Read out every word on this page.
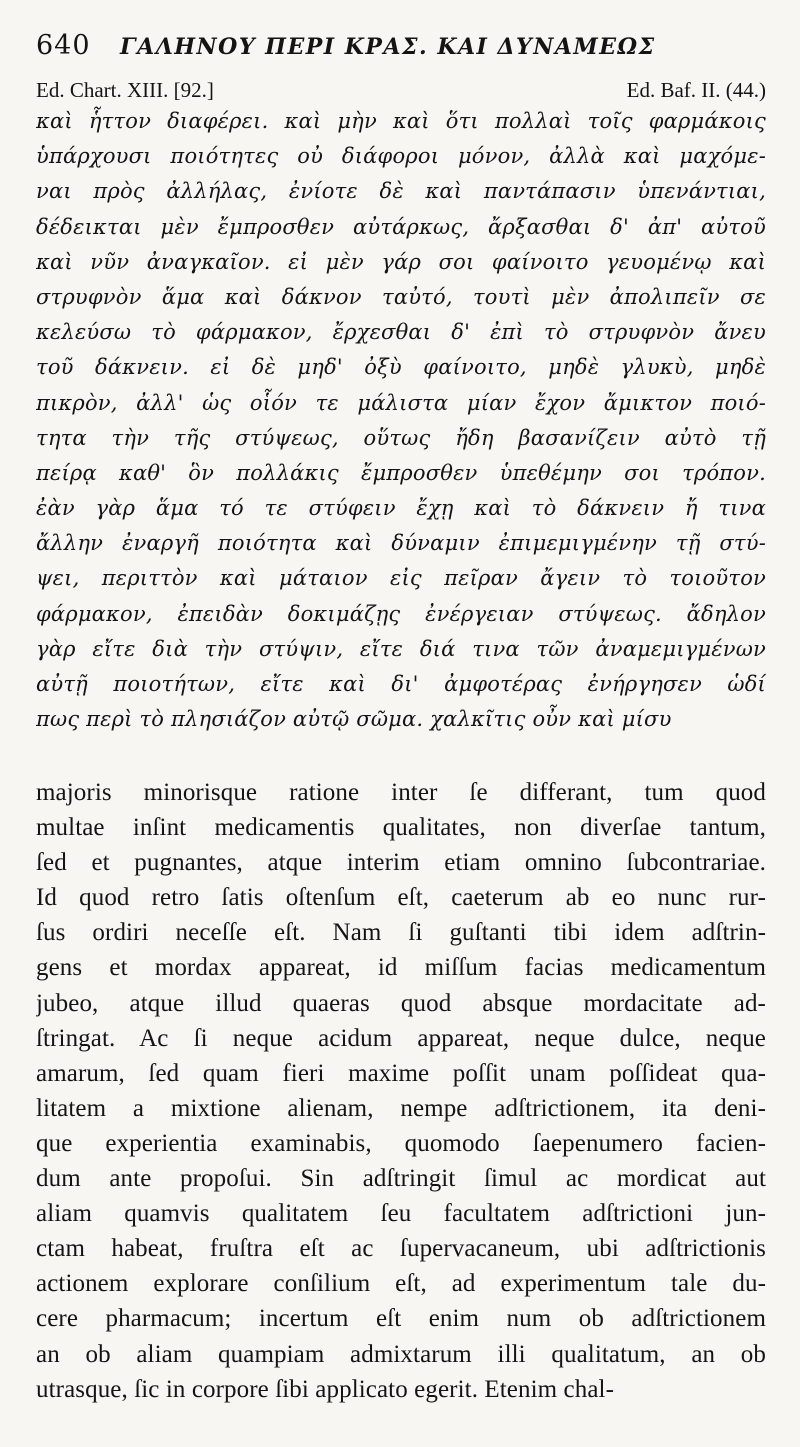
640 ΓΑΛΗΝΟΥ ΠΕΡΙ ΚΡΑΣ. ΚΑΙ ΔΥΝΑΜΕΩΣ
Ed. Chart. XIII. [92.]	Ed. Baf. II. (44.)
καὶ ἧττον διαφέρει. καὶ μὴν καὶ ὅτι πολλαὶ τοῖς φαρμάκοις
ὑπάρχουσι ποιότητες οὐ διάφοροι μόνον, ἀλλὰ καὶ μαχόμε-
ναι πρὸς ἀλλήλας, ἐνίοτε δὲ καὶ παντάπασιν ὑπενάντιαι,
δέδεικται μὲν ἔμπροσθεν αὐτάρκως, ἄρξασθαι δ' ἀπ' αὐτοῦ
καὶ νῦν ἀναγκαῖον. εἰ μὲν γάρ σοι φαίνοιτο γευομένῳ καὶ
στρυφνὸν ἅμα καὶ δάκνον ταὐτό, τουτὶ μὲν ἀπολιπεῖν σε
κελεύσω τὸ φάρμακον, ἔρχεσθαι δ' ἐπὶ τὸ στρυφνὸν ἄνευ
τοῦ δάκνειν. εἰ δὲ μηδ' ὀξὺ φαίνοιτο, μηδὲ γλυκὺ, μηδὲ
πικρὸν, ἀλλ' ὡς οἷόν τε μάλιστα μίαν ἔχον ἄμικτον ποιό-
τητα τὴν τῆς στύψεως, οὕτως ἤδη βασανίζειν αὐτὸ τῇ
πείρᾳ καθ' ὃν πολλάκις ἔμπροσθεν ὑπεθέμην σοι τρόπον.
ἐὰν γὰρ ἅμα τό τε στύφειν ἔχῃ καὶ τὸ δάκνειν ἤ τινα
ἄλλην ἐναργῆ ποιότητα καὶ δύναμιν ἐπιμεμιγμένην τῇ στύ-
ψει, περιττὸν καὶ μάταιον εἰς πεῖραν ἄγειν τὸ τοιοῦτον
φάρμακον, ἐπειδὰν δοκιμάζῃς ἐνέργειαν στύψεως. ἄδηλον
γὰρ εἴτε διὰ τὴν στύψιν, εἴτε διά τινα τῶν ἀναμεμιγμένων
αὐτῇ ποιοτήτων, εἴτε καὶ δι' ἀμφοτέρας ἐνήργησεν ὡδί
πως περὶ τὸ πλησιάζον αὐτῷ σῶμα. χαλκῖτις οὖν καὶ μίσυ
majoris minorisque ratione inter ſe differant, tum quod
multae inſint medicamentis qualitates, non diverſae tantum,
ſed et pugnantes, atque interim etiam omnino ſubcontrariae.
Id quod retro ſatis oſtenſum eſt, caeterum ab eo nunc rur-
ſus ordiri neceſſe eſt. Nam ſi guſtanti tibi idem adſtrin-
gens et mordax appareat, id miſſum facias medicamentum
jubeo, atque illud quaeras quod absque mordacitate ad-
ſtringat. Ac ſi neque acidum appareat, neque dulce, neque
amarum, ſed quam fieri maxime poſſit unam poſſideat qua-
litatem a mixtione alienam, nempe adſtrictionem, ita deni-
que experientia examinabis, quomodo ſaepenumero facien-
dum ante propoſui. Sin adſtringit ſimul ac mordicat aut
aliam quamvis qualitatem ſeu facultatem adſtrictioni jun-
ctam habeat, fruſtra eſt ac ſupervacaneum, ubi adſtrictionis
actionem explorare conſilium eſt, ad experimentum tale du-
cere pharmacum; incertum eſt enim num ob adſtrictionem
an ob aliam quampiam admixtarum illi qualitatum, an ob
utrasque, ſic in corpore ſibi applicato egerit. Etenim chal-
